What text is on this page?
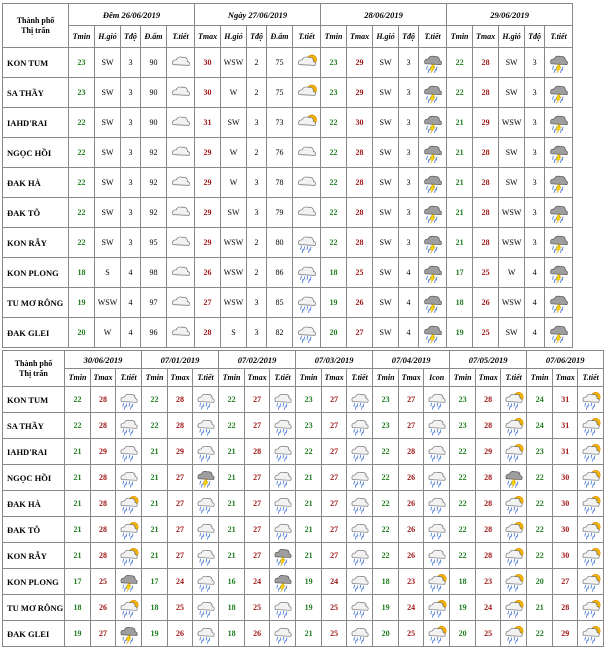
Thành phố
Thị trấn	Đêm 26/06/2019					Ngày 27/06/2019					28/06/2019					29/06/2019				
	Tmin	H.gió	Tđộ	Đ.ẩm	T.tiết	Tmax	H.gió	Tđộ	Đ.ẩm	T.tiết	Tmin	Tmax	H.gió	Tđộ	T.tiết	Tmin	Tmax	H.gió	Tđộ	T.tiết
KON TUM	23	SW	3	90		30	WSW	2	75		23	29	SW	3		22	28	SW	3	

SA THẦY	23	SW	3	90		30	W	2	75		23	29	SW	3		22	28	SW	3	

IAHD'RAI	22	SW	3	90		31	SW	3	73		22	30	SW	3		21	29	WSW	3	

NGỌC HỒI	22	SW	3	92		29	W	2	76		22	28	SW	3		21	28	SW	3	

ĐAK HÀ	22	SW	3	92		29	W	3	78		22	28	SW	3		21	28	SW	3	

ĐAK TÔ	22	SW	3	92		29	SW	3	79		22	28	SW	3		21	28	WSW	3	

KON RẪY	22	SW	3	95		29	WSW	2	80		22	28	SW	3		21	28	WSW	3	

KON PLONG	18	S	4	98		26	WSW	2	86		18	25	SW	4		17	25	W	4	

TU MƠ RÔNG	19	WSW	4	97		27	WSW	3	85		19	26	SW	4		18	26	WSW	4	

ĐAK GLEI	20	W	4	96		28	S	3	82		20	27	SW	4		19	25	SW	4	
Thành phố
Thị trấn	30/06/2019			07/01/2019			07/02/2019			07/03/2019			07/04/2019			07/05/2019			07/06/2019		
	Tmin	Tmax	T.tiết	Tmin	Tmax	T.tiết	Tmin	Tmax	T.tiết	Tmin	Tmax	T.tiết	Tmin	Tmax	Icon	Tmin	Tmax	T.tiết	Tmin	Tmax	T.tiết
KON TUM	22	28		22	28		22	27		23	27		23	27		23	28		24	31	

SA THẦY	22	28		22	28		22	27		23	27		23	27		23	28		24	31	

IAHD'RAI	21	29		21	29		21	28		22	27		22	28		22	29		23	31	

NGỌC HỒI	21	28		21	27		21	27		21	27		22	26		22	28		22	30	

ĐAK HÀ	21	28		21	27		21	27		21	27		22	26		22	28		22	30	

ĐAK TÔ	21	28		21	27		21	27		21	27		22	26		22	28		22	30	

KON RẪY	21	28		21	27		21	27		21	27		22	26		22	28		22	30	

KON PLONG	17	25		17	24		16	24		19	24		18	23		18	23		20	27	

TU MƠ RÔNG	18	26		18	25		18	25		19	25		19	24		19	24		21	28	

ĐAK GLEI	19	27		19	26		18	26		21	25		20	25		20	25		22	29	
